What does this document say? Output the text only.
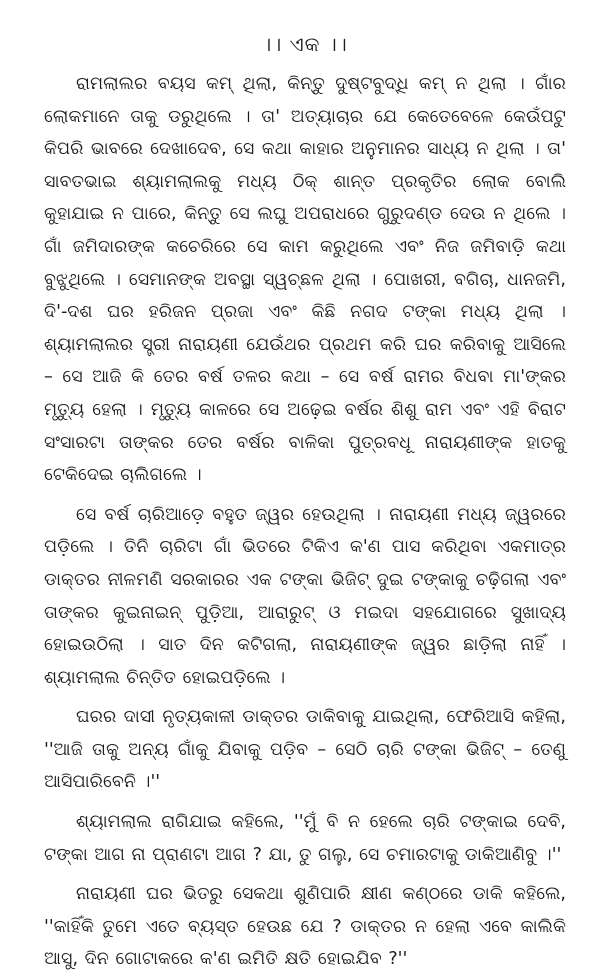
।। ଏକ ।।

ରାମଲାଲର ବୟସ କମ୍ ଥିଲା, କିନ୍ତୁ ଦୁଷ୍ଟବୁଦ୍ଧି କମ୍ ନ ଥିଲା । ଗାଁର ଲୋକମାନେ ତାକୁ ଡରୁଥିଲେ । ତା' ଅତ୍ୟାଚାର ଯେ କେତେବେଳେ କେଉଁପଟୁ କିପରି ଭାବରେ ଦେଖାଦେବ, ସେ କଥା କାହାର ଅନୁମାନର ସାଧ୍ୟ ନ ଥିଲା । ତା' ସାବତଭାଇ ଶ୍ୟାମଲାଲକୁ ମଧ୍ୟ ଠିକ୍ ଶାନ୍ତ ପ୍ରକୃତିର ଲୋକ ବୋଲି କୁହାଯାଇ ନ ପାରେ, କିନ୍ତୁ ସେ ଲଘୁ ଅପରାଧରେ ଗୁରୁଦଣ୍ଡ ଦେଉ ନ ଥିଲେ । ଗାଁ ଜମିଦାରଙ୍କ କଚେରିରେ ସେ କାମ କରୁଥିଲେ ଏବଂ ନିଜ ଜମିବାଡ଼ି କଥା ବୁଝୁଥିଲେ । ସେମାନଙ୍କ ଅବସ୍ଥା ସ୍ୱଚ୍ଛଳ ଥିଲା । ପୋଖରୀ, ବଗିଚା, ଧାନଜମି, ଦି'-ଦଶ ଘର ହରିଜନ ପ୍ରଜା ଏବଂ କିଛି ନଗଦ ଟଙ୍କା ମଧ୍ୟ ଥିଲା । ଶ୍ୟାମଲାଲର ସ୍ତ୍ରୀ ନାରାୟଣୀ ଯେଉଁଥର ପ୍ରଥମ କରି ଘର କରିବାକୁ ଆସିଲେ – ସେ ଆଜି କି ତେର ବର୍ଷ ତଳର କଥା – ସେ ବର୍ଷ ରାମର ବିଧବା ମା'ଙ୍କର ମୃତ୍ୟୁ ହେଲା । ମୃତ୍ୟୁ କାଳରେ ସେ ଅଢ଼େଇ ବର୍ଷର ଶିଶୁ ରାମ ଏବଂ ଏହି ବିରାଟ ସଂସାରଟା ତାଙ୍କର ତେର ବର୍ଷର ବାଳିକା ପୁତ୍ରବଧୂ ନାରାୟଣୀଙ୍କ ହାତକୁ ଟେକିଦେଇ ଚାଲିଗଲେ ।

ସେ ବର୍ଷ ଚାରିଆଡ଼େ ବହୁତ ଜ୍ୱର ହେଉଥିଲା । ନାରାୟଣୀ ମଧ୍ୟ ଜ୍ୱରରେ ପଡ଼ିଲେ । ତିନି ଚାରିଟା ଗାଁ ଭିତରେ ଟିକିଏ କ'ଣ ପାସ କରିଥିବା ଏକମାତ୍ର ଡାକ୍ତର ନୀଳମଣି ସରକାରର ଏକ ଟଙ୍କା ଭିଜିଟ୍ ଦୁଇ ଟଙ୍କାକୁ ଚଢ଼ିଗଲା ଏବଂ ତାଙ୍କର କୁଇନାଇନ୍ ପୁଡ଼ିଆ, ଆରାରୁଟ୍ ଓ ମଇଦା ସହଯୋଗରେ ସୁଖାଦ୍ୟ ହୋଇଉଠିଲା । ସାତ ଦିନ କଟିଗଲା, ନାରାୟଣୀଙ୍କ ଜ୍ୱର ଛାଡ଼ିଲା ନାହିଁ । ଶ୍ୟାମଲାଲ ଚିନ୍ତିତ ହୋଇପଡ଼ିଲେ ।

ଘରର ଦାସୀ ନୃତ୍ୟକାଳୀ ଡାକ୍ତର ଡାକିବାକୁ ଯାଇଥିଲା, ଫେରିଆସି କହିଲା, ''ଆଜି ତାକୁ ଅନ୍ୟ ଗାଁକୁ ଯିବାକୁ ପଡ଼ିବ – ସେଠି ଚାରି ଟଙ୍କା ଭିଜିଟ୍ – ତେଣୁ ଆସିପାରିବେନି ।''

ଶ୍ୟାମଲାଲ ରାଗିଯାଇ କହିଲେ, ''ମୁଁ ବି ନ ହେଲେ ଚାରି ଟଙ୍କାଇ ଦେବି, ଟଙ୍କା ଆଗ ନା ପ୍ରାଣଟା ଆଗ ? ଯା, ତୁ ଗଲୁ, ସେ ଚମାରଟାକୁ ଡାକିଆଣିବୁ ।''

ନାରାୟଣୀ ଘର ଭିତରୁ ସେକଥା ଶୁଣିପାରି କ୍ଷୀଣ କଣ୍ଠରେ ଡାକି କହିଲେ, ''କାହିଁକି ତୁମେ ଏତେ ବ୍ୟସ୍ତ ହେଉଛ ଯେ ? ଡାକ୍ତର ନ ହେଲା ଏବେ କାଲିକି ଆସୁ, ଦିନ ଗୋଟାକରେ କ'ଣ ଇମିତି କ୍ଷତି ହୋଇଯିବ ?''
